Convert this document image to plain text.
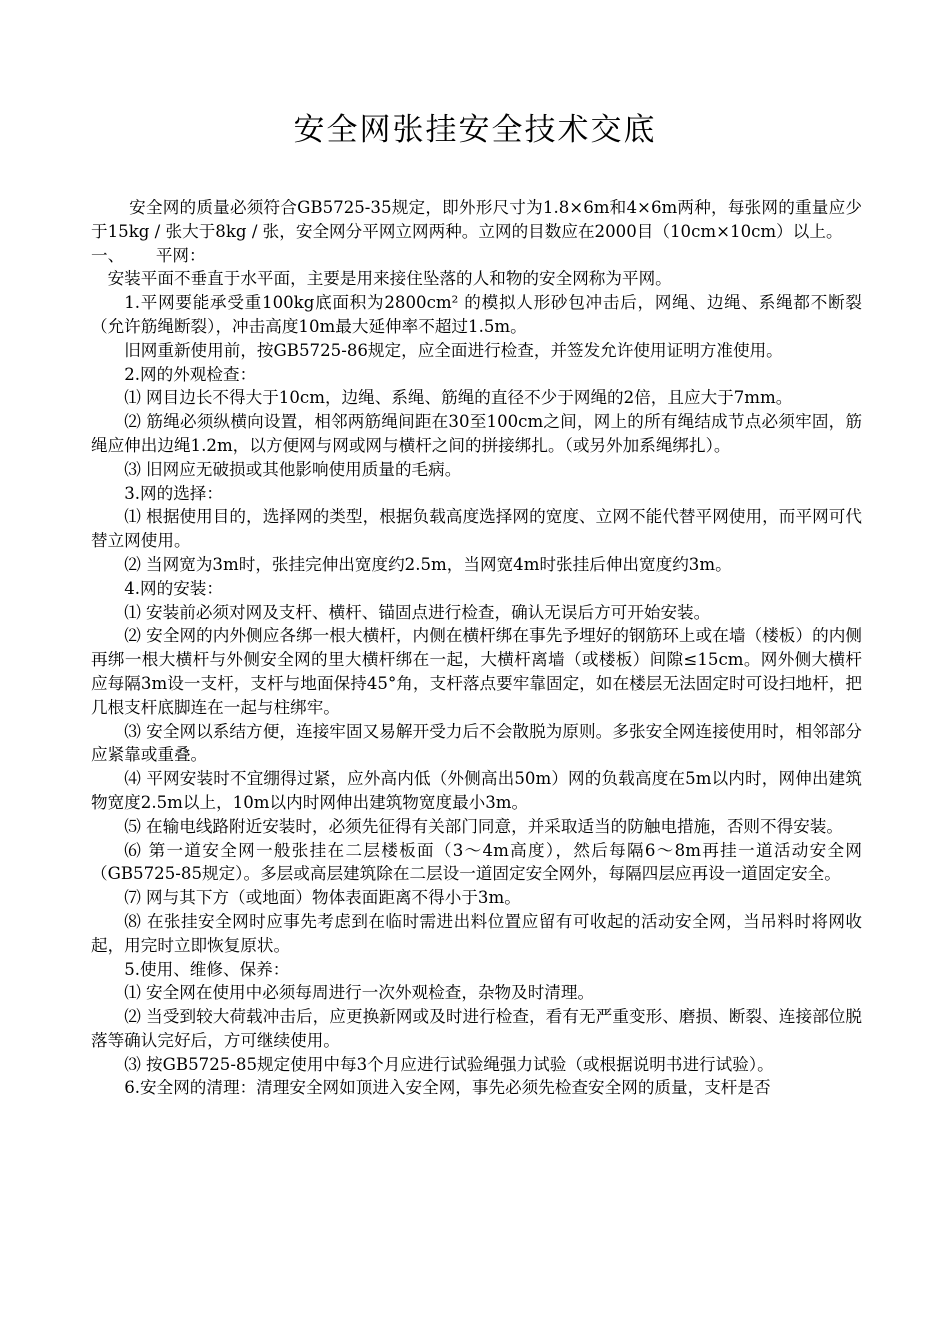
安全网张挂安全技术交底

安全网的质量必须符合GB5725-35规定，即外形尺寸为1.8×6m和4×6m两种，每张网的重量应少于15kg / 张大于8kg / 张，安全网分平网立网两种。立网的目数应在2000目（10cm×10cm）以上。

一、      平网：

安装平面不垂直于水平面，主要是用来接住坠落的人和物的安全网称为平网。

1.平网要能承受重100kg底面积为2800cm² 的模拟人形砂包冲击后，网绳、边绳、系绳都不断裂（允许筋绳断裂），冲击高度10m最大延伸率不超过1.5m。

旧网重新使用前，按GB5725-86规定，应全面进行检查，并签发允许使用证明方准使用。

2.网的外观检查：

⑴ 网目边长不得大于10cm，边绳、系绳、筋绳的直径不少于网绳的2倍，且应大于7mm。

⑵ 筋绳必须纵横向设置，相邻两筋绳间距在30至100cm之间，网上的所有绳结成节点必须牢固，筋绳应伸出边绳1.2m，以方便网与网或网与横杆之间的拼接绑扎。（或另外加系绳绑扎）。

⑶ 旧网应无破损或其他影响使用质量的毛病。

3.网的选择：

⑴ 根据使用目的，选择网的类型，根据负载高度选择网的宽度、立网不能代替平网使用，而平网可代替立网使用。

⑵ 当网宽为3m时，张挂完伸出宽度约2.5m，当网宽4m时张挂后伸出宽度约3m。

4.网的安装：

⑴ 安装前必须对网及支杆、横杆、锚固点进行检查，确认无误后方可开始安装。

⑵ 安全网的内外侧应各绑一根大横杆，内侧在横杆绑在事先予埋好的钢筋环上或在墙（楼板）的内侧再绑一根大横杆与外侧安全网的里大横杆绑在一起，大横杆离墙（或楼板）间隙≤15cm。网外侧大横杆应每隔3m设一支杆，支杆与地面保持45°角，支杆落点要牢靠固定，如在楼层无法固定时可设扫地杆，把几根支杆底脚连在一起与柱绑牢。

⑶ 安全网以系结方便，连接牢固又易解开受力后不会散脱为原则。多张安全网连接使用时，相邻部分应紧靠或重叠。

⑷ 平网安装时不宜绷得过紧，应外高内低（外侧高出50m）网的负载高度在5m以内时，网伸出建筑物宽度2.5m以上，10m以内时网伸出建筑物宽度最小3m。

⑸ 在输电线路附近安装时，必须先征得有关部门同意，并采取适当的防触电措施，否则不得安装。

⑹ 第一道安全网一般张挂在二层楼板面（3～4m高度），然后每隔6～8m再挂一道活动安全网（GB5725-85规定）。多层或高层建筑除在二层设一道固定安全网外，每隔四层应再设一道固定安全。

⑺ 网与其下方（或地面）物体表面距离不得小于3m。

⑻ 在张挂安全网时应事先考虑到在临时需进出料位置应留有可收起的活动安全网，当吊料时将网收起，用完时立即恢复原状。

5.使用、维修、保养：

⑴ 安全网在使用中必须每周进行一次外观检查，杂物及时清理。

⑵ 当受到较大荷载冲击后，应更换新网或及时进行检查，看有无严重变形、磨损、断裂、连接部位脱落等确认完好后，方可继续使用。

⑶ 按GB5725-85规定使用中每3个月应进行试验绳强力试验（或根据说明书进行试验）。

6.安全网的清理：清理安全网如顶进入安全网，事先必须先检查安全网的质量，支杆是否
